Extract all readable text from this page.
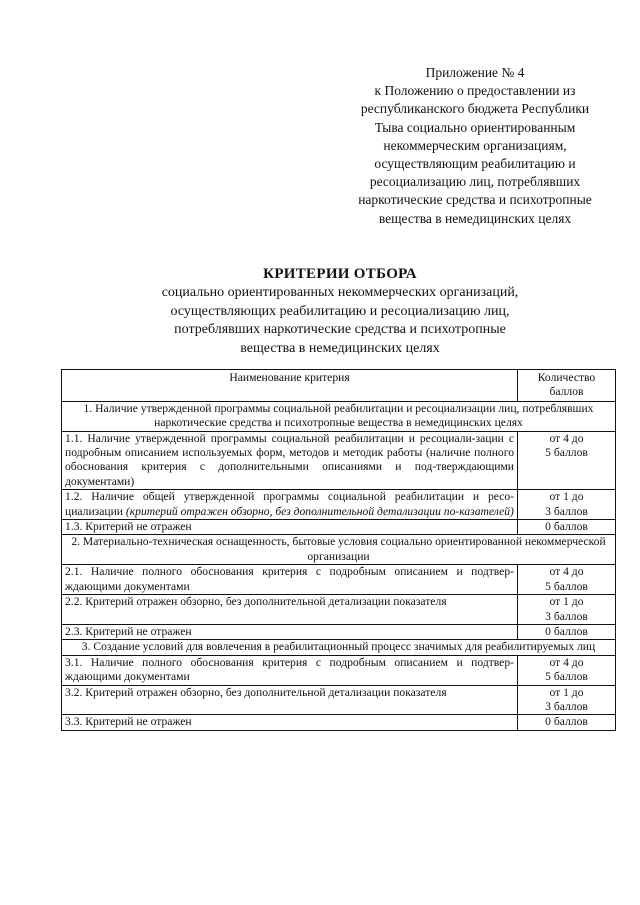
Приложение № 4
к Положению о предоставлении из
республиканского бюджета Республики
Тыва социально ориентированным
некоммерческим организациям,
осуществляющим реабилитацию и
ресоциализацию лиц, потреблявших
наркотические средства и психотропные
вещества в немедицинских целях
КРИТЕРИИ ОТБОРА
социально ориентированных некоммерческих организаций,
осуществляющих реабилитацию и ресоциализацию лиц,
потреблявших наркотические средства и психотропные
вещества в немедицинских целях
Наименование критерия	Количество баллов
1. Наличие утвержденной программы социальной реабилитации и ресоциализации лиц, потреблявших наркотические средства и психотропные вещества в немедицинских целях	
1.1. Наличие утвержденной программы социальной реабилитации и ресоциали-зации с подробным описанием используемых форм, методов и методик работы (наличие полного обоснования критерия с дополнительными описаниями и под-тверждающими документами)	от 4 до
5 баллов

1.2. Наличие общей утвержденной программы социальной реабилитации и ресо-циализации (критерий отражен обзорно, без дополнительной детализации по-казателей)	от 1 до
3 баллов

1.3. Критерий не отражен	0 баллов

2. Материально-техническая оснащенность, бытовые условия социально ориентированной некоммерческой организации	
2.1. Наличие полного обоснования критерия с подробным описанием и подтвер-ждающими документами	от 4 до
5 баллов

2.2. Критерий отражен обзорно, без дополнительной детализации показателя	от 1 до
3 баллов

2.3. Критерий не отражен	0 баллов

3. Создание условий для вовлечения в реабилитационный процесс значимых для реабилитируемых лиц	
3.1. Наличие полного обоснования критерия с подробным описанием и подтвер-ждающими документами	от 4 до
5 баллов

3.2. Критерий отражен обзорно, без дополнительной детализации показателя	от 1 до
3 баллов

3.3. Критерий не отражен	0 баллов
